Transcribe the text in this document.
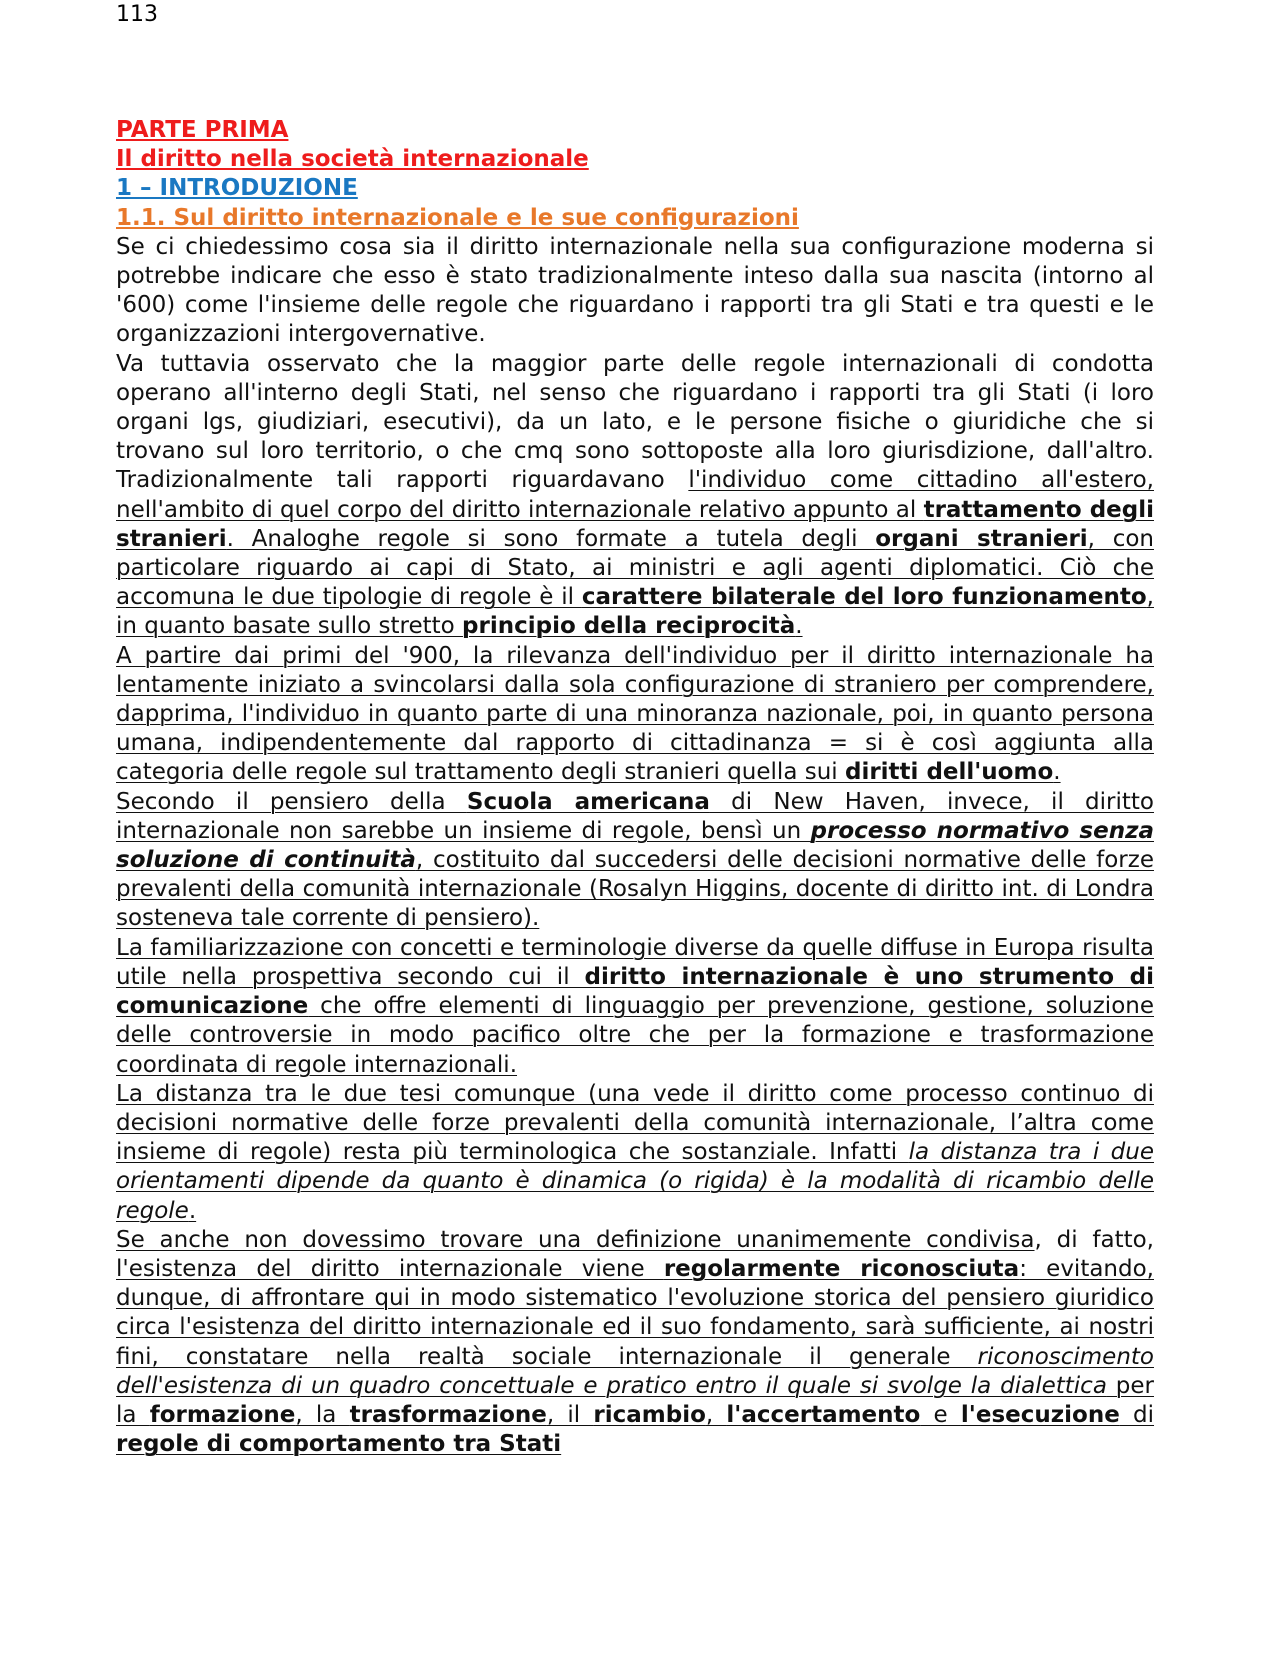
113
PARTE PRIMA
Il diritto nella società internazionale
1 – INTRODUZIONE
1.1. Sul diritto internazionale e le sue configurazioni

Se ci chiedessimo cosa sia il diritto internazionale nella sua configurazione moderna si potrebbe indicare che esso è stato tradizionalmente inteso dalla sua nascita (intorno al '600) come l'insieme delle regole che riguardano i rapporti tra gli Stati e tra questi e le organizzazioni intergovernative.

Va tuttavia osservato che la maggior parte delle regole internazionali di condotta operano all'interno degli Stati, nel senso che riguardano i rapporti tra gli Stati (i loro organi lgs, giudiziari, esecutivi), da un lato, e le persone fisiche o giuridiche che si trovano sul loro territorio, o che cmq sono sottoposte alla loro giurisdizione, dall'altro. Tradizionalmente tali rapporti riguardavano l'individuo come cittadino all'estero, nell'ambito di quel corpo del diritto internazionale relativo appunto al trattamento degli stranieri. Analoghe regole si sono formate a tutela degli organi stranieri, con particolare riguardo ai capi di Stato, ai ministri e agli agenti diplomatici. Ciò che accomuna le due tipologie di regole è il carattere bilaterale del loro funzionamento, in quanto basate sullo stretto principio della reciprocità.

A partire dai primi del '900, la rilevanza dell'individuo per il diritto internazionale ha lentamente iniziato a svincolarsi dalla sola configurazione di straniero per comprendere, dapprima, l'individuo in quanto parte di una minoranza nazionale, poi, in quanto persona umana, indipendentemente dal rapporto di cittadinanza = si è così aggiunta alla categoria delle regole sul trattamento degli stranieri quella sui diritti dell'uomo.

Secondo il pensiero della Scuola americana di New Haven, invece, il diritto internazionale non sarebbe un insieme di regole, bensì un processo normativo senza soluzione di continuità, costituito dal succedersi delle decisioni normative delle forze prevalenti della comunità internazionale (Rosalyn Higgins, docente di diritto int. di Londra sosteneva tale corrente di pensiero).

La familiarizzazione con concetti e terminologie diverse da quelle diffuse in Europa risulta utile nella prospettiva secondo cui il diritto internazionale è uno strumento di comunicazione che offre elementi di linguaggio per prevenzione, gestione, soluzione delle controversie in modo pacifico oltre che per la formazione e trasformazione coordinata di regole internazionali.

La distanza tra le due tesi comunque (una vede il diritto come processo continuo di decisioni normative delle forze prevalenti della comunità internazionale, l’altra come insieme di regole) resta più terminologica che sostanziale. Infatti la distanza tra i due orientamenti dipende da quanto è dinamica (o rigida) è la modalità di ricambio delle regole.

Se anche non dovessimo trovare una definizione unanimemente condivisa, di fatto, l'esistenza del diritto internazionale viene regolarmente riconosciuta: evitando, dunque, di affrontare qui in modo sistematico l'evoluzione storica del pensiero giuridico circa l'esistenza del diritto internazionale ed il suo fondamento, sarà sufficiente, ai nostri fini, constatare nella realtà sociale internazionale il generale riconoscimento dell'esistenza di un quadro concettuale e pratico entro il quale si svolge la dialettica per la formazione, la trasformazione, il ricambio, l'accertamento e l'esecuzione di regole di comportamento tra Stati
